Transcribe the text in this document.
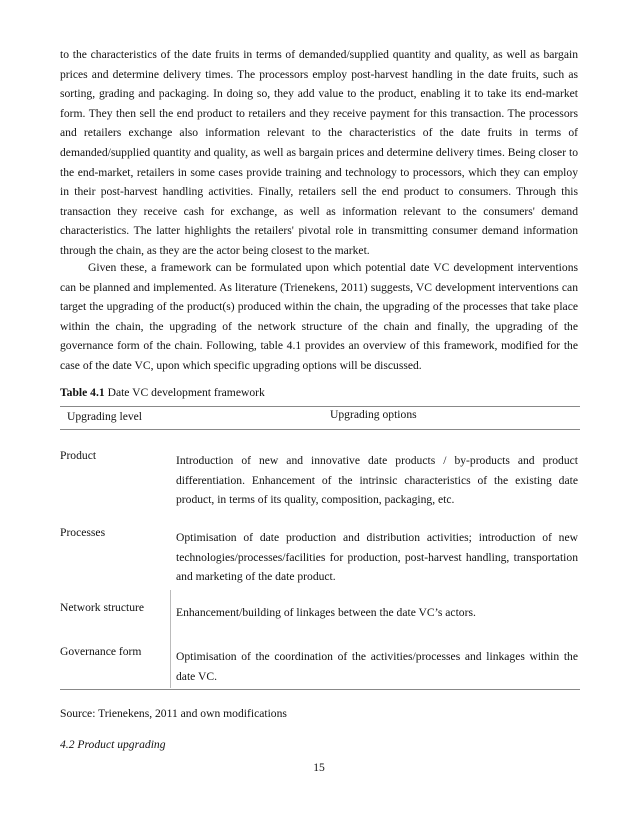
to the characteristics of the date fruits in terms of demanded/supplied quantity and quality, as well as bargain prices and determine delivery times. The processors employ post-harvest handling in the date fruits, such as sorting, grading and packaging. In doing so, they add value to the product, enabling it to take its end-market form. They then sell the end product to retailers and they receive payment for this transaction. The processors and retailers exchange also information relevant to the characteristics of the date fruits in terms of demanded/supplied quantity and quality, as well as bargain prices and determine delivery times. Being closer to the end-market, retailers in some cases provide training and technology to processors, which they can employ in their post-harvest handling activities. Finally, retailers sell the end product to consumers. Through this transaction they receive cash for exchange, as well as information relevant to the consumers' demand characteristics. The latter highlights the retailers' pivotal role in transmitting consumer demand information through the chain, as they are the actor being closest to the market.

Given these, a framework can be formulated upon which potential date VC development interventions can be planned and implemented. As literature (Trienekens, 2011) suggests, VC development interventions can target the upgrading of the product(s) produced within the chain, the upgrading of the processes that take place within the chain, the upgrading of the network structure of the chain and finally, the upgrading of the governance form of the chain. Following, table 4.1 provides an overview of this framework, modified for the case of the date VC, upon which specific upgrading options will be discussed.

Table 4.1 Date VC development framework

Upgrading level	Upgrading options
Product	Introduction of new and innovative date products / by-products and product differentiation. Enhancement of the intrinsic characteristics of the existing date product, in terms of its quality, composition, packaging, etc.

Processes	Optimisation of date production and distribution activities; introduction of new technologies/processes/facilities for production, post-harvest handling, transportation and marketing of the date product.

Network structure	Enhancement/building of linkages between the date VC’s actors.

Governance form	Optimisation of the coordination of the activities/processes and linkages within the date VC.

Source: Trienekens, 2011 and own modifications
4.2 Product upgrading
15
